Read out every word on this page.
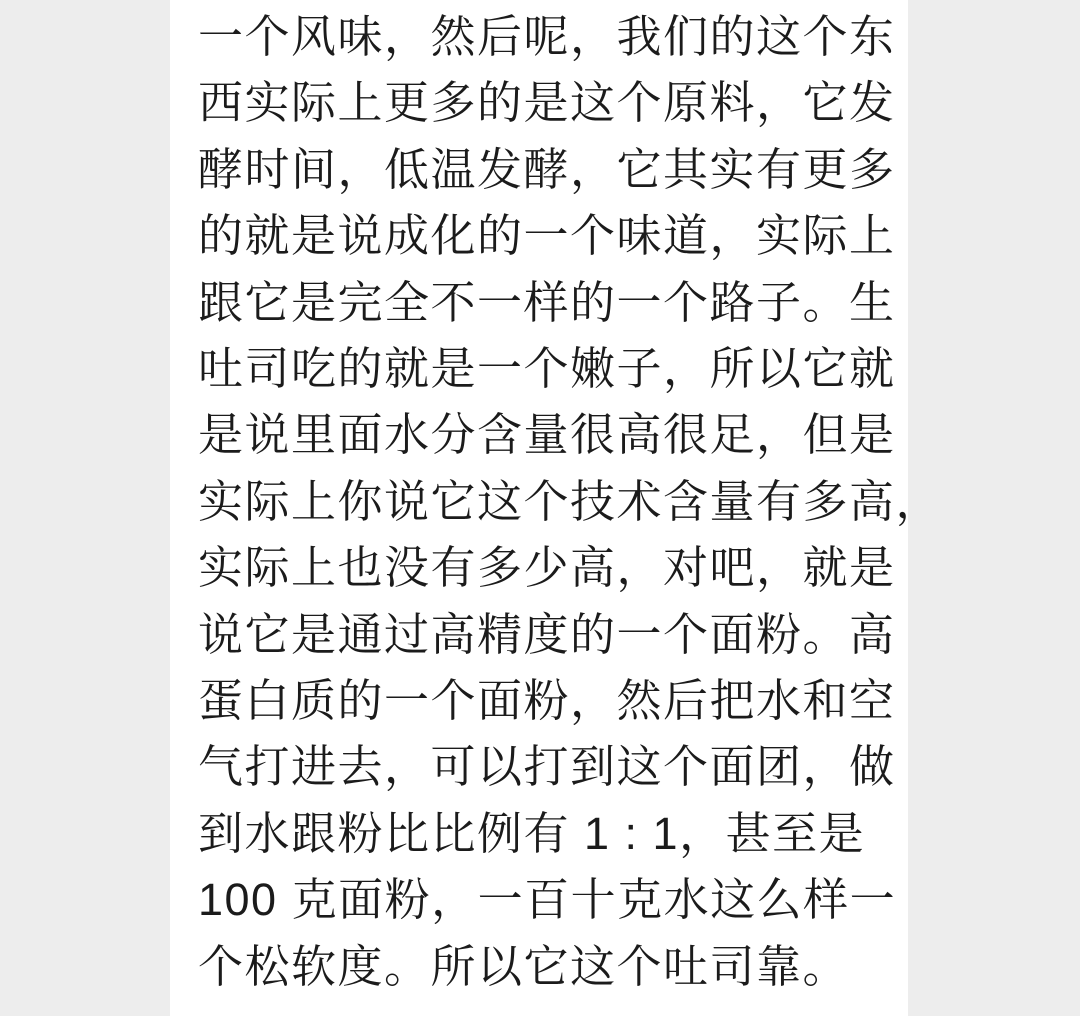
一个风味，然后呢，我们的这个东
西实际上更多的是这个原料，它发
酵时间，低温发酵，它其实有更多
的就是说成化的一个味道，实际上
跟它是完全不一样的一个路子。生
吐司吃的就是一个嫩子，所以它就
是说里面水分含量很高很足，但是
实际上你说它这个技术含量有多高，
实际上也没有多少高，对吧，就是
说它是通过高精度的一个面粉。高
蛋白质的一个面粉，然后把水和空
气打进去，可以打到这个面团，做
到水跟粉比比例有 1 : 1，甚至是
100 克面粉，一百十克水这么样一
个松软度。所以它这个吐司靠。
